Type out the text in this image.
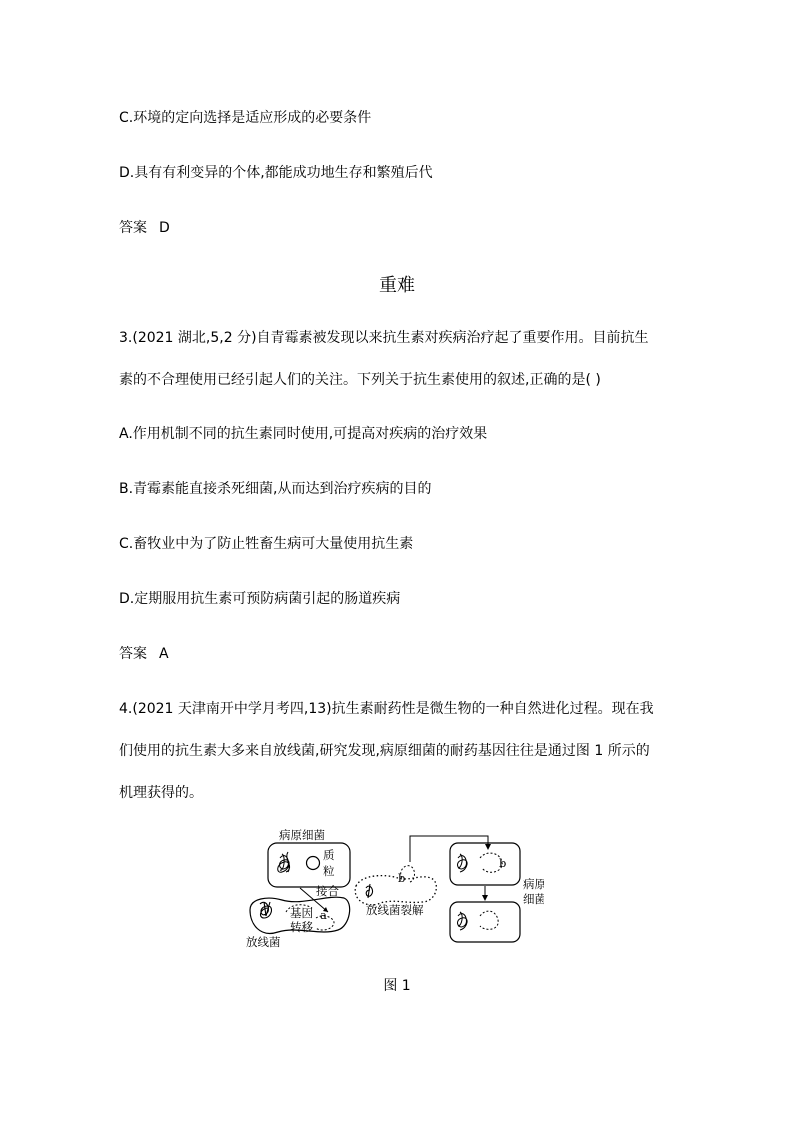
C.环境的定向选择是适应形成的必要条件

D.具有有利变异的个体,都能成功地生存和繁殖后代

答案 D

重难

3.(2021 湖北,5,2 分)自青霉素被发现以来抗生素对疾病治疗起了重要作用。目前抗生

素的不合理使用已经引起人们的关注。下列关于抗生素使用的叙述,正确的是( )

A.作用机制不同的抗生素同时使用,可提高对疾病的治疗效果

B.青霉素能直接杀死细菌,从而达到治疗疾病的目的

C.畜牧业中为了防止牲畜生病可大量使用抗生素

D.定期服用抗生素可预防病菌引起的肠道疾病

答案 A

4.(2021 天津南开中学月考四,13)抗生素耐药性是微生物的一种自然进化过程。现在我

们使用的抗生素大多来自放线菌,研究发现,病原细菌的耐药基因往往是通过图 1 所示的

机理获得的。

病原细菌
质
粒
接合
基因
转移
a
放线菌
b
放线菌裂解
b
病原
细菌
图 1
